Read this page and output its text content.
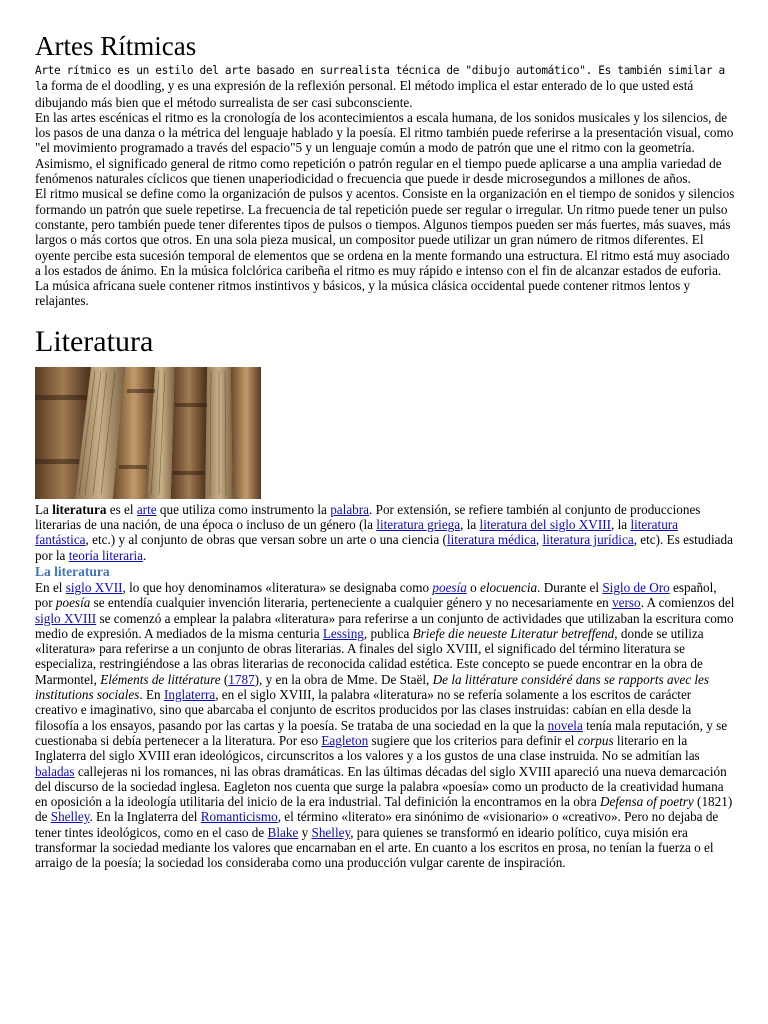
Artes Rítmicas

Arte rítmico es un estilo del arte basado en surrealista técnica de "dibujo automático". Es también similar a la forma de el doodling, y es una expresión de la reflexión personal. El método implica el estar enterado de lo que usted está dibujando más bien que el método surrealista de ser casi subconsciente.

En las artes escénicas el ritmo es la cronología de los acontecimientos a escala humana, de los sonidos musicales y los silencios, de los pasos de una danza o la métrica del lenguaje hablado y la poesía. El ritmo también puede referirse a la presentación visual, como "el movimiento programado a través del espacio"5 y un lenguaje común a modo de patrón que une el ritmo con la geometría. Asimismo, el significado general de ritmo como repetición o patrón regular en el tiempo puede aplicarse a una amplia variedad de fenómenos naturales cíclicos que tienen unaperiodicidad o frecuencia que puede ir desde microsegundos a millones de años.

El ritmo musical se define como la organización de pulsos y acentos. Consiste en la organización en el tiempo de sonidos y silencios formando un patrón que suele repetirse. La frecuencia de tal repetición puede ser regular o irregular. Un ritmo puede tener un pulso constante, pero también puede tener diferentes tipos de pulsos o tiempos. Algunos tiempos pueden ser más fuertes, más suaves, más largos o más cortos que otros. En una sola pieza musical, un compositor puede utilizar un gran número de ritmos diferentes. El oyente percibe esta sucesión temporal de elementos que se ordena en la mente formando una estructura. El ritmo está muy asociado a los estados de ánimo. En la música folclórica caribeña el ritmo es muy rápido e intenso con el fin de alcanzar estados de euforia. La música africana suele contener ritmos instintivos y básicos, y la música clásica occidental puede contener ritmos lentos y relajantes.

Literatura

La literatura es el arte que utiliza como instrumento la palabra. Por extensión, se refiere también al conjunto de producciones literarias de una nación, de una época o incluso de un género (la literatura griega, la literatura del siglo XVIII, la literatura fantástica, etc.) y al conjunto de obras que versan sobre un arte o una ciencia (literatura médica, literatura jurídica, etc). Es estudiada por la teoría literaria.

La literatura

En el siglo XVII, lo que hoy denominamos «literatura» se designaba como poesía o elocuencia. Durante el Siglo de Oro español, por poesía se entendía cualquier invención literaria, perteneciente a cualquier género y no necesariamente en verso. A comienzos del siglo XVIII se comenzó a emplear la palabra «literatura» para referirse a un conjunto de actividades que utilizaban la escritura como medio de expresión. A mediados de la misma centuria Lessing, publica Briefe die neueste Literatur betreffend, donde se utiliza «literatura» para referirse a un conjunto de obras literarias. A finales del siglo XVIII, el significado del término literatura se especializa, restringiéndose a las obras literarias de reconocida calidad estética. Este concepto se puede encontrar en la obra de Marmontel, Eléments de littérature (1787), y en la obra de Mme. De Staël, De la littérature considéré dans se rapports avec les institutions sociales. En Inglaterra, en el siglo XVIII, la palabra «literatura» no se refería solamente a los escritos de carácter creativo e imaginativo, sino que abarcaba el conjunto de escritos producidos por las clases instruidas: cabían en ella desde la filosofía a los ensayos, pasando por las cartas y la poesía. Se trataba de una sociedad en la que la novela tenía mala reputación, y se cuestionaba si debía pertenecer a la literatura. Por eso Eagleton sugiere que los criterios para definir el corpus literario en la Inglaterra del siglo XVIII eran ideológicos, circunscritos a los valores y a los gustos de una clase instruida. No se admitían las baladas callejeras ni los romances, ni las obras dramáticas. En las últimas décadas del siglo XVIII apareció una nueva demarcación del discurso de la sociedad inglesa. Eagleton nos cuenta que surge la palabra «poesía» como un producto de la creatividad humana en oposición a la ideología utilitaria del inicio de la era industrial. Tal definición la encontramos en la obra Defensa of poetry (1821) de Shelley. En la Inglaterra del Romanticismo, el término «literato» era sinónimo de «visionario» o «creativo». Pero no dejaba de tener tintes ideológicos, como en el caso de Blake y Shelley, para quienes se transformó en ideario político, cuya misión era transformar la sociedad mediante los valores que encarnaban en el arte. En cuanto a los escritos en prosa, no tenían la fuerza o el arraigo de la poesía; la sociedad los consideraba como una producción vulgar carente de inspiración.
